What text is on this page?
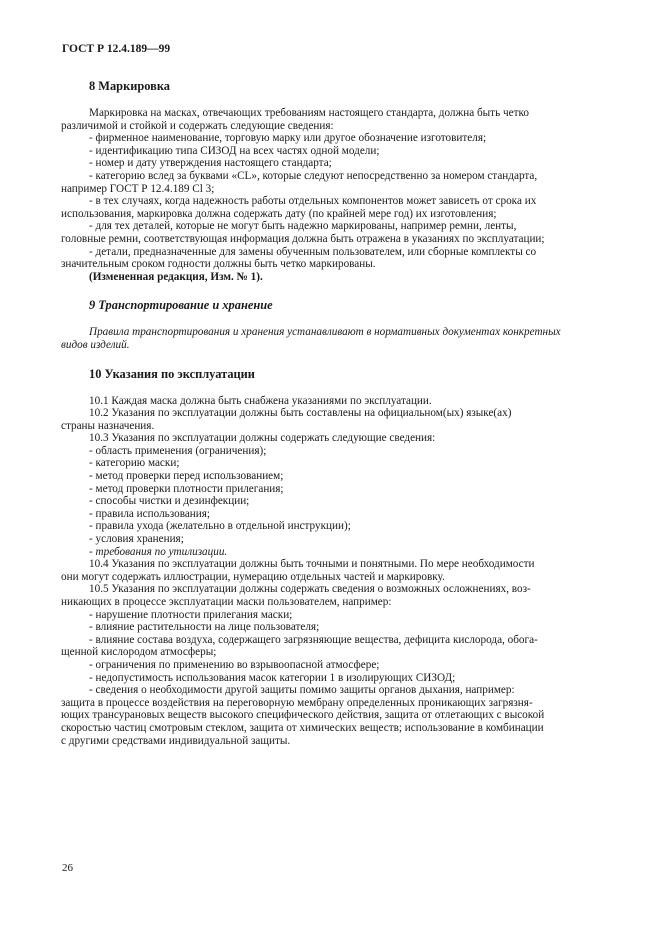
ГОСТ Р 12.4.189—99
8 Маркировка

Маркировка на масках, отвечающих требованиям настоящего стандарта, должна быть четко

различимой и стойкой и содержать следующие сведения:

- фирменное наименование, торговую марку или другое обозначение изготовителя;

- идентификацию типа СИЗОД на всех частях одной модели;

- номер и дату утверждения настоящего стандарта;

- категорию вслед за буквами «CL», которые следуют непосредственно за номером стандарта,

например ГОСТ Р 12.4.189 Cl 3;

- в тех случаях, когда надежность работы отдельных компонентов может зависеть от срока их

использования, маркировка должна содержать дату (по крайней мере год) их изготовления;

- для тех деталей, которые не могут быть надежно маркированы, например ремни, ленты,

головные ремни, соответствующая информация должна быть отражена в указаниях по эксплуатации;

- детали, предназначенные для замены обученным пользователем, или сборные комплекты со

значительным сроком годности должны быть четко маркированы.

(Измененная редакция, Изм. № 1).

9 Транспортирование и хранение

Правила транспортирования и хранения устанавливают в нормативных документах конкретных

видов изделий.

10 Указания по эксплуатации

10.1 Каждая маска должна быть снабжена указаниями по эксплуатации.

10.2 Указания по эксплуатации должны быть составлены на официальном(ых) языке(ах)

страны назначения.

10.3 Указания по эксплуатации должны содержать следующие сведения:

- область применения (ограничения);

- категорию маски;

- метод проверки перед использованием;

- метод проверки плотности прилегания;

- способы чистки и дезинфекции;

- правила использования;

- правила ухода (желательно в отдельной инструкции);

- условия хранения;

- требования по утилизации.

10.4 Указания по эксплуатации должны быть точными и понятными. По мере необходимости

они могут содержать иллюстрации, нумерацию отдельных частей и маркировку.

10.5 Указания по эксплуатации должны содержать сведения о возможных осложнениях, воз-

никающих в процессе эксплуатации маски пользователем, например:

- нарушение плотности прилегания маски;

- влияние растительности на лице пользователя;

- влияние состава воздуха, содержащего загрязняющие вещества, дефицита кислорода, обога-

щенной кислородом атмосферы;

- ограничения по применению во взрывоопасной атмосфере;

- недопустимость использования масок категории 1 в изолирующих СИЗОД;

- сведения о необходимости другой защиты помимо защиты органов дыхания, например:

защита в процессе воздействия на переговорную мембрану определенных проникающих загрязня-

ющих трансурановых веществ высокого специфического действия, защита от отлетающих с высокой

скоростью частиц смотровым стеклом, защита от химических веществ; использование в комбинации

с другими средствами индивидуальной защиты.

26
